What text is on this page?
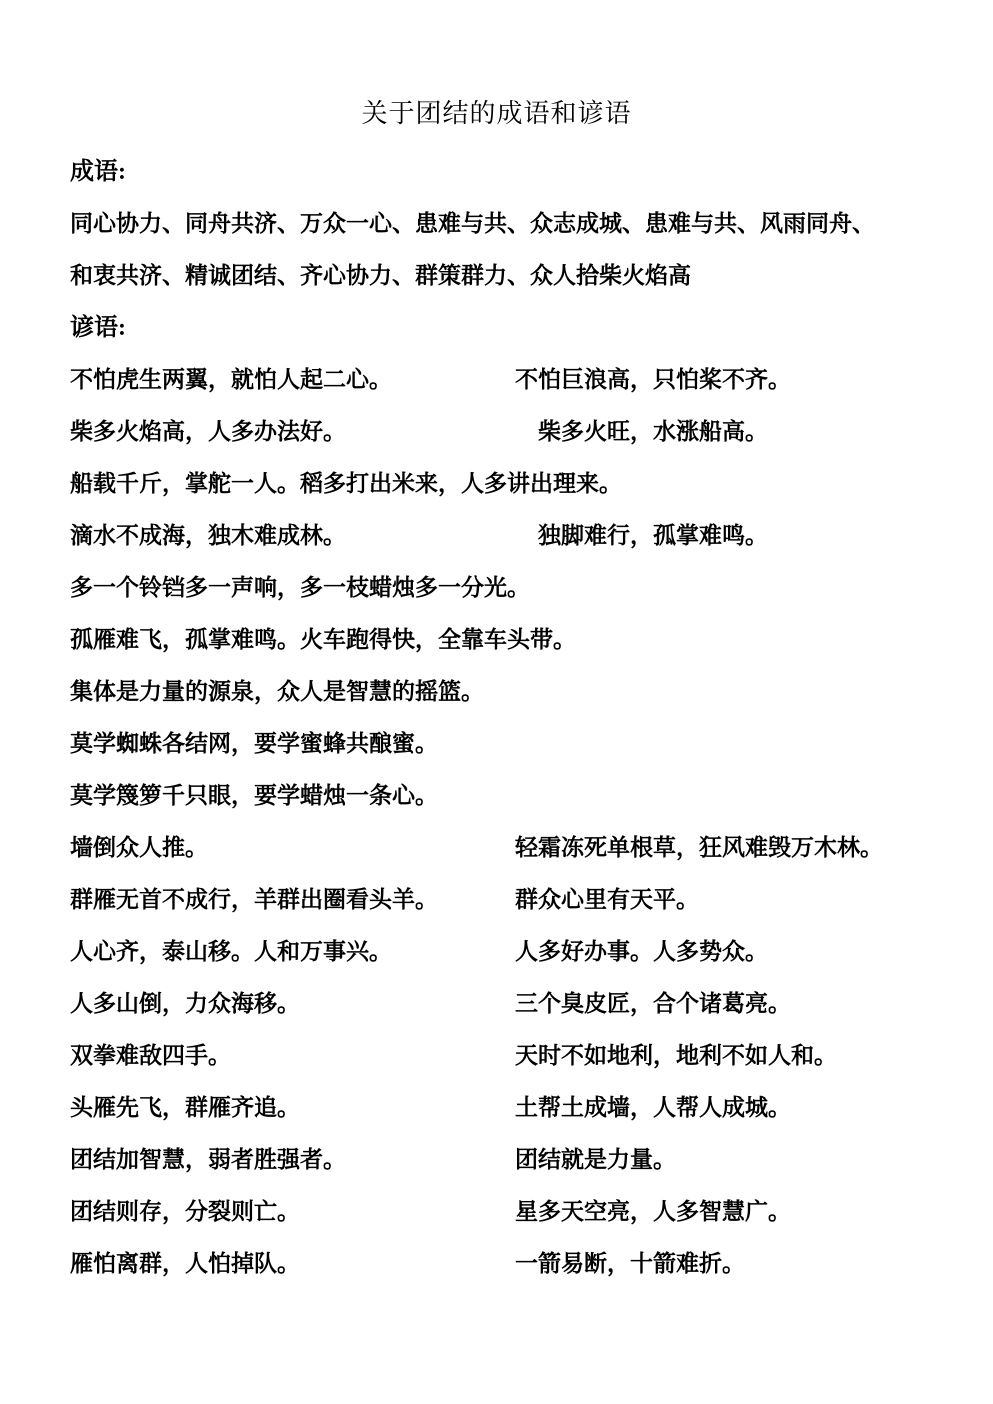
关于团结的成语和谚语
成语:
同心协力、同舟共济、万众一心、患难与共、众志成城、患难与共、风雨同舟、
和衷共济、精诚团结、齐心协力、群策群力、众人拾柴火焰高
谚语:
不怕虎生两翼，就怕人起二心。	不怕巨浪高，只怕桨不齐。
柴多火焰高，人多办法好。	　柴多火旺，水涨船高。
船载千斤，掌舵一人。稻多打出米来，人多讲出理来。
滴水不成海，独木难成林。	　独脚难行，孤掌难鸣。
多一个铃铛多一声响，多一枝蜡烛多一分光。
孤雁难飞，孤掌难鸣。火车跑得快，全靠车头带。
集体是力量的源泉，众人是智慧的摇篮。
莫学蜘蛛各结网，要学蜜蜂共酿蜜。
莫学篾箩千只眼，要学蜡烛一条心。
墙倒众人推。	轻霜冻死单根草，狂风难毁万木林。
群雁无首不成行，羊群出圈看头羊。	群众心里有天平。
人心齐，泰山移。人和万事兴。	人多好办事。人多势众。
人多山倒，力众海移。	三个臭皮匠，合个诸葛亮。
双拳难敌四手。	天时不如地利，地利不如人和。
头雁先飞，群雁齐追。	土帮土成墙，人帮人成城。
团结加智慧，弱者胜强者。	团结就是力量。
团结则存，分裂则亡。	星多天空亮，人多智慧广。
雁怕离群，人怕掉队。	一箭易断，十箭难折。
